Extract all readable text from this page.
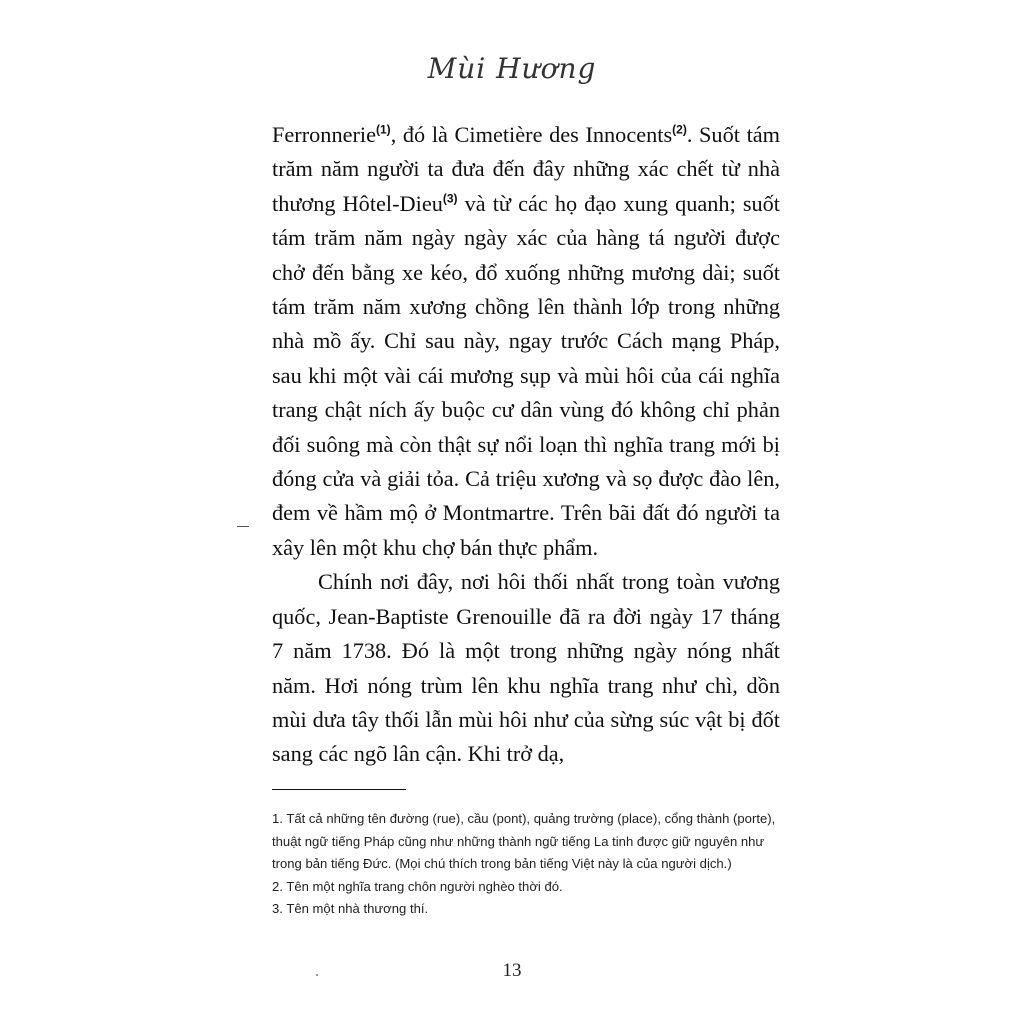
Mùi Hương

Ferronnerie$^{(1)}$, đó là Cimetière des Innocents$^{(2)}$. Suốt tám trăm năm người ta đưa đến đây những xác chết từ nhà thương Hôtel-Dieu$^{(3)}$ và từ các họ đạo xung quanh; suốt tám trăm năm ngày ngày xác của hàng tá người được chở đến bằng xe kéo, đổ xuống những mương dài; suốt tám trăm năm xương chồng lên thành lớp trong những nhà mồ ấy. Chỉ sau này, ngay trước Cách mạng Pháp, sau khi một vài cái mương sụp và mùi hôi của cái nghĩa trang chật ních ấy buộc cư dân vùng đó không chỉ phản đối suông mà còn thật sự nổi loạn thì nghĩa trang mới bị đóng cửa và giải tỏa. Cả triệu xương và sọ được đào lên, đem về hầm mộ ở Montmartre. Trên bãi đất đó người ta xây lên một khu chợ bán thực phẩm.

Chính nơi đây, nơi hôi thối nhất trong toàn vương quốc, Jean-Baptiste Grenouille đã ra đời ngày 17 tháng 7 năm 1738. Đó là một trong những ngày nóng nhất năm. Hơi nóng trùm lên khu nghĩa trang như chì, dồn mùi dưa tây thối lẫn mùi hôi như của sừng súc vật bị đốt sang các ngõ lân cận. Khi trở dạ,

1. Tất cả những tên đường (rue), cầu (pont), quảng trường (place), cổng thành (porte), thuật ngữ tiếng Pháp cũng như những thành ngữ tiếng La tinh được giữ nguyên như trong bản tiếng Đức. (Mọi chú thích trong bản tiếng Việt này là của người dịch.)

2. Tên một nghĩa trang chôn người nghèo thời đó.

3. Tên một nhà thương thí.

13
